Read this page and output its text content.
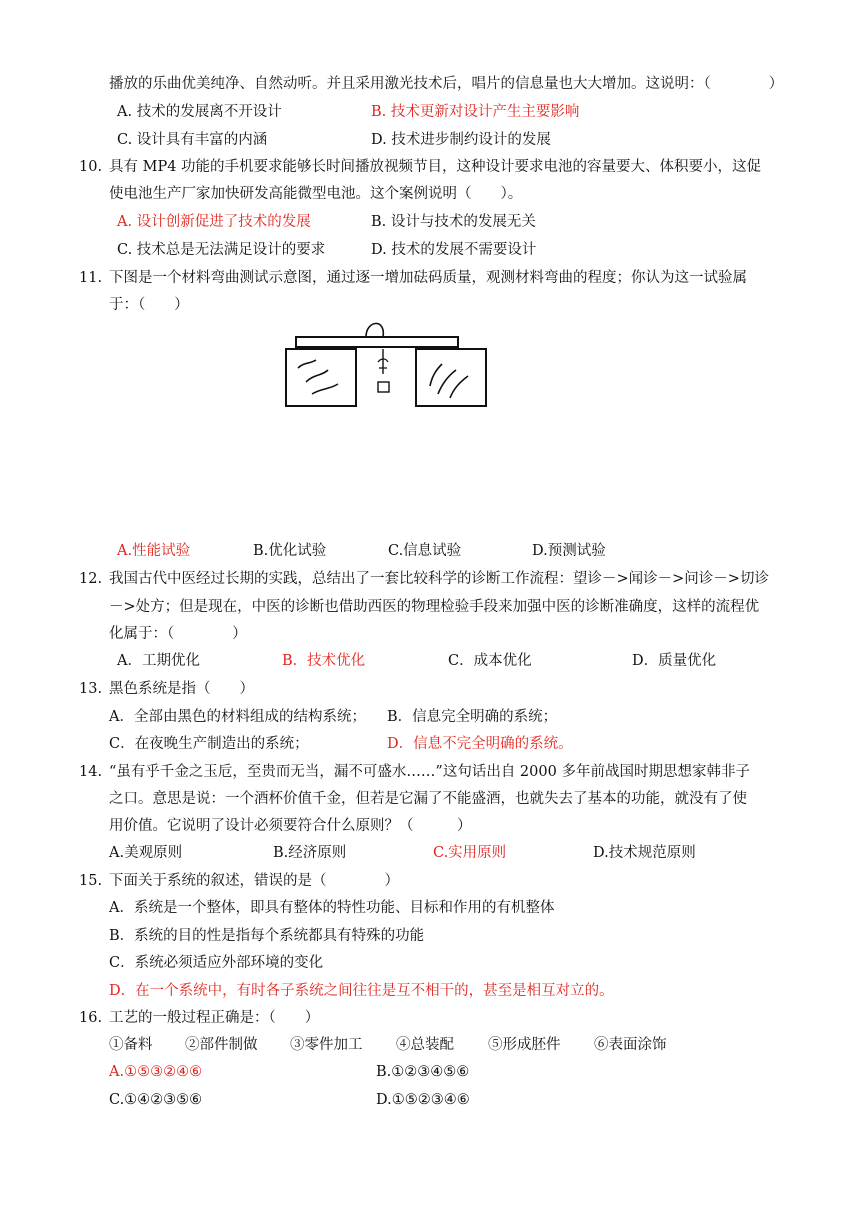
播放的乐曲优美纯净、自然动听。并且采用激光技术后，唱片的信息量也大大增加。这说明：（　　　　）
A. 技术的发展离不开设计	B. 技术更新对设计产生主要影响
C. 设计具有丰富的内涵	D. 技术进步制约设计的发展
10. 具有 MP4 功能的手机要求能够长时间播放视频节目，这种设计要求电池的容量要大、体积要小，这促
使电池生产厂家加快研发高能微型电池。这个案例说明（　　）。
A. 设计创新促进了技术的发展	B. 设计与技术的发展无关
C. 技术总是无法满足设计的要求	D. 技术的发展不需要设计
11. 下图是一个材料弯曲测试示意图，通过逐一增加砝码质量，观测材料弯曲的程度；你认为这一试验属
于：（　　）
A.性能试验	B.优化试验	C.信息试验	D.预测试验
12. 我国古代中医经过长期的实践，总结出了一套比较科学的诊断工作流程：望诊－>闻诊－>问诊－>切诊
－>处方；但是现在，中医的诊断也借助西医的物理检验手段来加强中医的诊断准确度，这样的流程优
化属于：（　　　　）
A．工期优化	B．技术优化	C．成本优化	D．质量优化
13. 黑色系统是指（　　）
A．全部由黑色的材料组成的结构系统； B．信息完全明确的系统；
C．在夜晚生产制造出的系统；	D．信息不完全明确的系统。
14. “虽有乎千金之玉卮，至贵而无当，漏不可盛水……”这句话出自 2000 多年前战国时期思想家韩非子
之口。意思是说：一个酒杯价值千金，但若是它漏了不能盛酒，也就失去了基本的功能，就没有了使
用价值。它说明了设计必须要符合什么原则？（　　　）
A.美观原则	B.经济原则	C.实用原则	D.技术规范原则
15. 下面关于系统的叙述，错误的是（　　　　）
A．系统是一个整体，即具有整体的特性功能、目标和作用的有机整体
B．系统的目的性是指每个系统都具有特殊的功能
C．系统必须适应外部环境的变化
D．在一个系统中，有时各子系统之间往往是互不相干的，甚至是相互对立的。
16. 工艺的一般过程正确是：（　　）
①备料 ②部件制做 ③零件加工 ④总装配 ⑤形成胚件 ⑥表面涂饰
A.①⑤③②④⑥	B.①②③④⑤⑥
C.①④②③⑤⑥	D.①⑤②③④⑥
